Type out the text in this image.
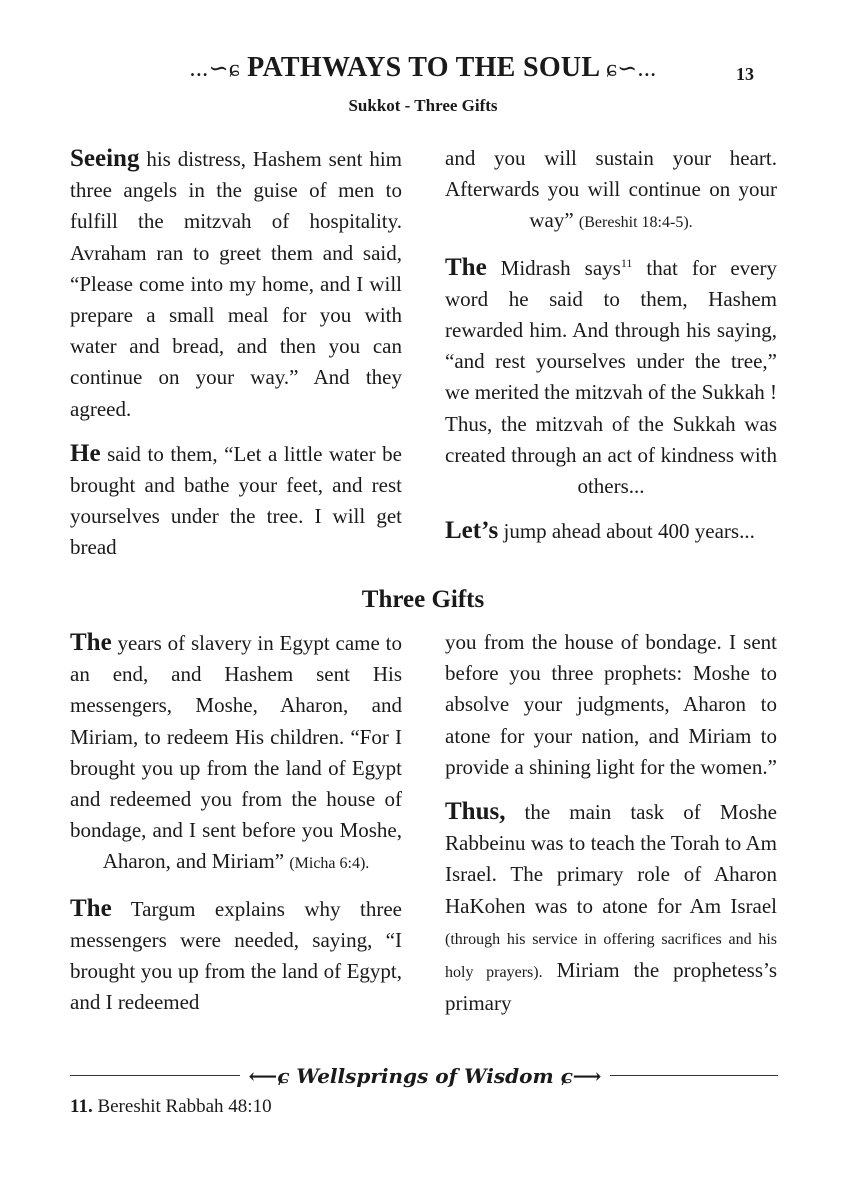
...∽ɕ PATHWAYS TO THE SOUL ɕ∽...	13
Sukkot - Three Gifts

Seeing his distress, Hashem sent him three angels in the guise of men to fulfill the mitzvah of hospitality. Avraham ran to greet them and said, “Please come into my home, and I will prepare a small meal for you with water and bread, and then you can continue on your way.” And they agreed.

He said to them, “Let a little water be brought and bathe your feet, and rest yourselves under the tree. I will get bread

and you will sustain your heart. Afterwards you will continue on your way” (Bereshit 18:4-5).

The Midrash says$^{11}$ that for every word he said to them, Hashem rewarded him. And through his saying, “and rest yourselves under the tree,” we merited the mitzvah of the Sukkah ! Thus, the mitzvah of the Sukkah was created through an act of kindness with others...

Let’s jump ahead about 400 years...

Three Gifts

The years of slavery in Egypt came to an end, and Hashem sent His messengers, Moshe, Aharon, and Miriam, to redeem His children. “For I brought you up from the land of Egypt and redeemed you from the house of bondage, and I sent before you Moshe, Aharon, and Miriam” (Micha 6:4).

The Targum explains why three messengers were needed, saying, “I brought you up from the land of Egypt, and I redeemed

you from the house of bondage. I sent before you three prophets: Moshe to absolve your judgments, Aharon to atone for your nation, and Miriam to provide a shining light for the women.”

Thus, the main task of Moshe Rabbeinu was to teach the Torah to Am Israel. The primary role of Aharon HaKohen was to atone for Am Israel (through his service in offering sacrifices and his holy prayers). Miriam the prophetess’s primary

⟵ɕ Wellsprings of Wisdom ɕ⟶
11. Bereshit Rabbah 48:10
